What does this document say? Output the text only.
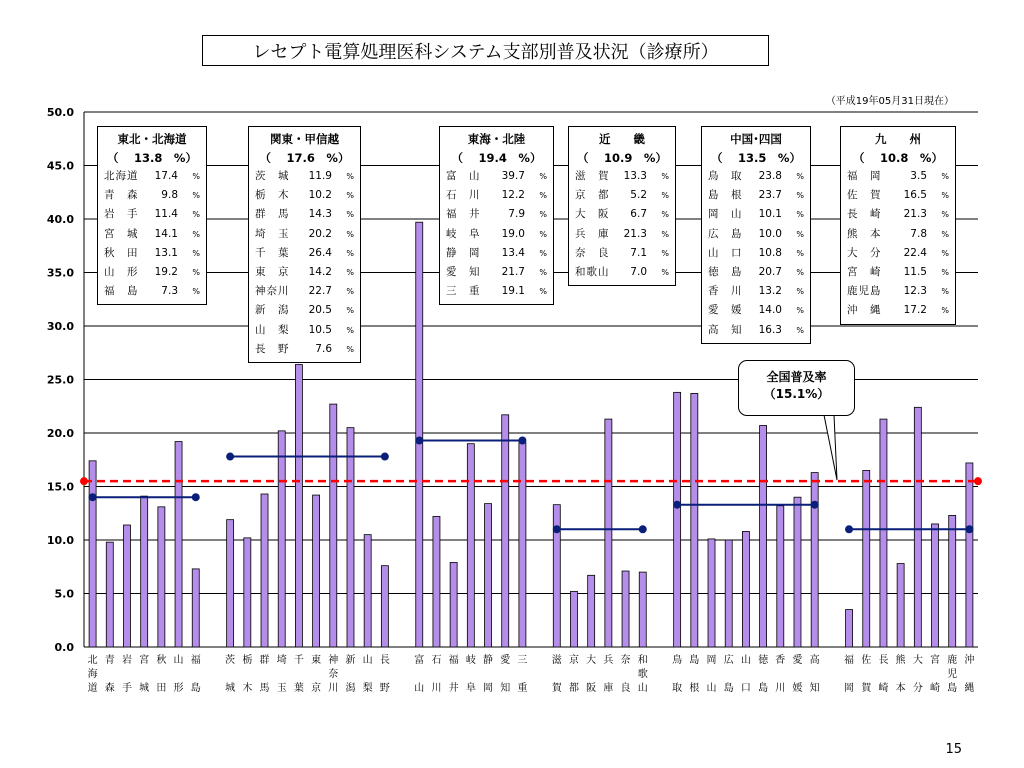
レセプト電算処理医科システム支部別普及状況（診療所）
（平成19年05月31日現在）
0.0
5.0
10.0
15.0
20.0
25.0
30.0
35.0
40.0
45.0
50.0
北
海
道
青
森
岩
手
宮
城
秋
田
山
形
福
島
茨
城
栃
木
群
馬
埼
玉
千
葉
東
京
神
奈
川
新
潟
山
梨
長
野
富
山
石
川
福
井
岐
阜
静
岡
愛
知
三
重
滋
賀
京
都
大
阪
兵
庫
奈
良
和
歌
山
鳥
取
島
根
岡
山
広
島
山
口
徳
島
香
川
愛
媛
高
知
福
岡
佐
賀
長
崎
熊
本
大
分
宮
崎
鹿
児
島
沖
縄
東北・北海道
（　 13.8　%）
北海道	17.4	%
青　森	9.8	%
岩　手	11.4	%
宮　城	14.1	%
秋　田	13.1	%
山　形	19.2	%
福　島	7.3	%
関東・甲信越
（　 17.6　%）
茨　城	11.9	%
栃　木	10.2	%
群　馬	14.3	%
埼　玉	20.2	%
千　葉	26.4	%
東　京	14.2	%
神奈川	22.7	%
新　潟	20.5	%
山　梨	10.5	%
長　野	7.6	%
東海・北陸
（　 19.4　%）
富　山	39.7	%
石　川	12.2	%
福　井	7.9	%
岐　阜	19.0	%
静　岡	13.4	%
愛　知	21.7	%
三　重	19.1	%
近　　畿
（　 10.9　%）
滋　賀	13.3	%
京　都	5.2	%
大　阪	6.7	%
兵　庫	21.3	%
奈　良	7.1	%
和歌山	7.0	%
中国･四国
（　 13.5　%）
鳥　取	23.8	%
島　根	23.7	%
岡　山	10.1	%
広　島	10.0	%
山　口	10.8	%
徳　島	20.7	%
香　川	13.2	%
愛　媛	14.0	%
高　知	16.3	%
九　　州
（　 10.8　%）
福　岡	3.5	%
佐　賀	16.5	%
長　崎	21.3	%
熊　本	7.8	%
大　分	22.4	%
宮　崎	11.5	%
鹿児島	12.3	%
沖　縄	17.2	%
全国普及率
（15.1%）
15
